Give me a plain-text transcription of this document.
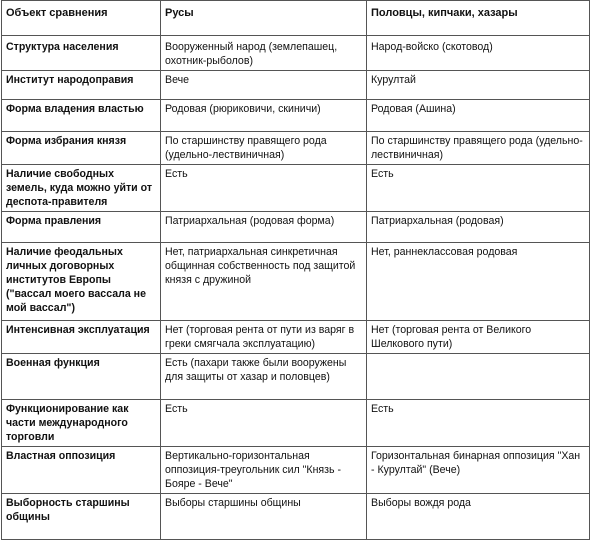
Объект сравнения	Русы	Половцы, кипчаки, хазары
Структура населения	Вооруженный народ (землепашец, охотник-рыболов)	Народ-войско (скотовод)
Институт народоправия	Вече	Курултай
Форма владения властью	Родовая (рюриковичи, скиничи)	Родовая (Ашина)
Форма избрания князя	По старшинству правящего рода (удельно-лествиничная)	По старшинству правящего рода (удельно-лествиничная)
Наличие свободных земель, куда можно уйти от деспота-правителя	Есть	Есть
Форма правления	Патриархальная (родовая форма)	Патриархальная (родовая)
Наличие феодальных личных договорных институтов Европы ("вассал моего вассала не мой вассал")	Нет, патриархальная синкретичная общинная собственность под защитой князя с дружиной	Нет, раннеклассовая родовая
Интенсивная эксплуатация	Нет (торговая рента от пути из варяг в греки смягчала эксплуатацию)	Нет (торговая рента от Великого Шелкового пути)
Военная функция	Есть (пахари также были вооружены для защиты от хазар и половцев)	
Функционирование как части международного торговли	Есть	Есть
Властная оппозиция	Вертикально-горизонтальная оппозиция-треугольник сил "Князь - Бояре - Вече"	Горизонтальная бинарная оппозиция "Хан - Курултай" (Вече)
Выборность старшины общины	Выборы старшины общины	Выборы вождя рода
